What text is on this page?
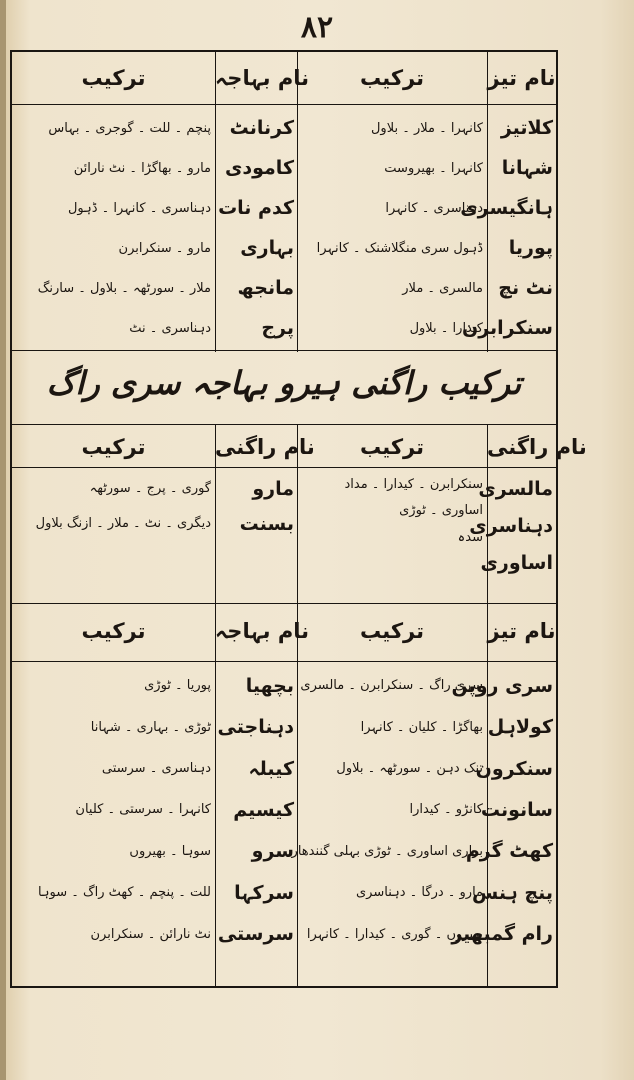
٨٢
نام تیز
ترکیب
نام بہاجہ
ترکیب
کلاتیز
شہانا
ہانگیسری
پوریا
نٹ نچ
سنکرابرن
کانہرا ۔ ملار ۔ بلاول
کانہرا ۔ بھیروست
دہناسری ۔ کانہرا
ڈہول سری منگلاشنک ۔ کانہرا
مالسری ۔ ملار
کیدارا ۔ بلاول
کرنانٹ
کامودی
کدم نات
بہاری
مانجھ
پرج
پنچم ۔ للت ۔ گوجری ۔ بہاس
مارو ۔ بھاگڑا ۔ نٹ نارائن
دہناسری ۔ کانہرا ۔ ڈہول
مارو ۔ سنکرابرن
ملار ۔ سورٹھہ ۔ بلاول ۔ سارنگ
دہناسری ۔ نٹ
ترکیب راگنی ہیرو بہاجہ سری راگ
نام راگنی
ترکیب
نام راگنی
ترکیب
مالسری
دہناسری
اساوری
سنکرابرن ۔ کیدارا ۔ مداد
اساوری ۔ ٹوڑی
سدہ
مارو
بسنت
گوری ۔ پرج ۔ سورٹھہ
دیگری ۔ نٹ ۔ ملار ۔ ازنگ بلاول
نام تیز
ترکیب
نام بہاجہ
ترکیب
سری روپن
کولاہل
سنکرون
سانونت
کھٹ گرم
پنچ ہنس
رام گمبھیر
سری راگ ۔ سنکرابرن ۔ مالسری
بھاگڑا ۔ کلیان ۔ کانہرا
تنک دہن ۔ سورٹھہ ۔ بلاول
کانڑو ۔ کیدارا
براری اساوری ۔ ٹوڑی بہلی گنندھار
مارو ۔ درگا ۔ دہناسری
بھیروں ۔ گوری ۔ کیدارا ۔ کانہرا
بچھیا
دہناجتی
کیبلہ
کیسیم
سرو
سرکہا
سرستی
پوریا ۔ ٹوڑی
ٹوڑی ۔ بہاری ۔ شہانا
دہناسری ۔ سرستی
کانہرا ۔ سرستی ۔ کلیان
سوہا ۔ بھیروں
للت ۔ پنچم ۔ کھٹ راگ ۔ سوہا
نٹ نارائن ۔ سنکرابرن
